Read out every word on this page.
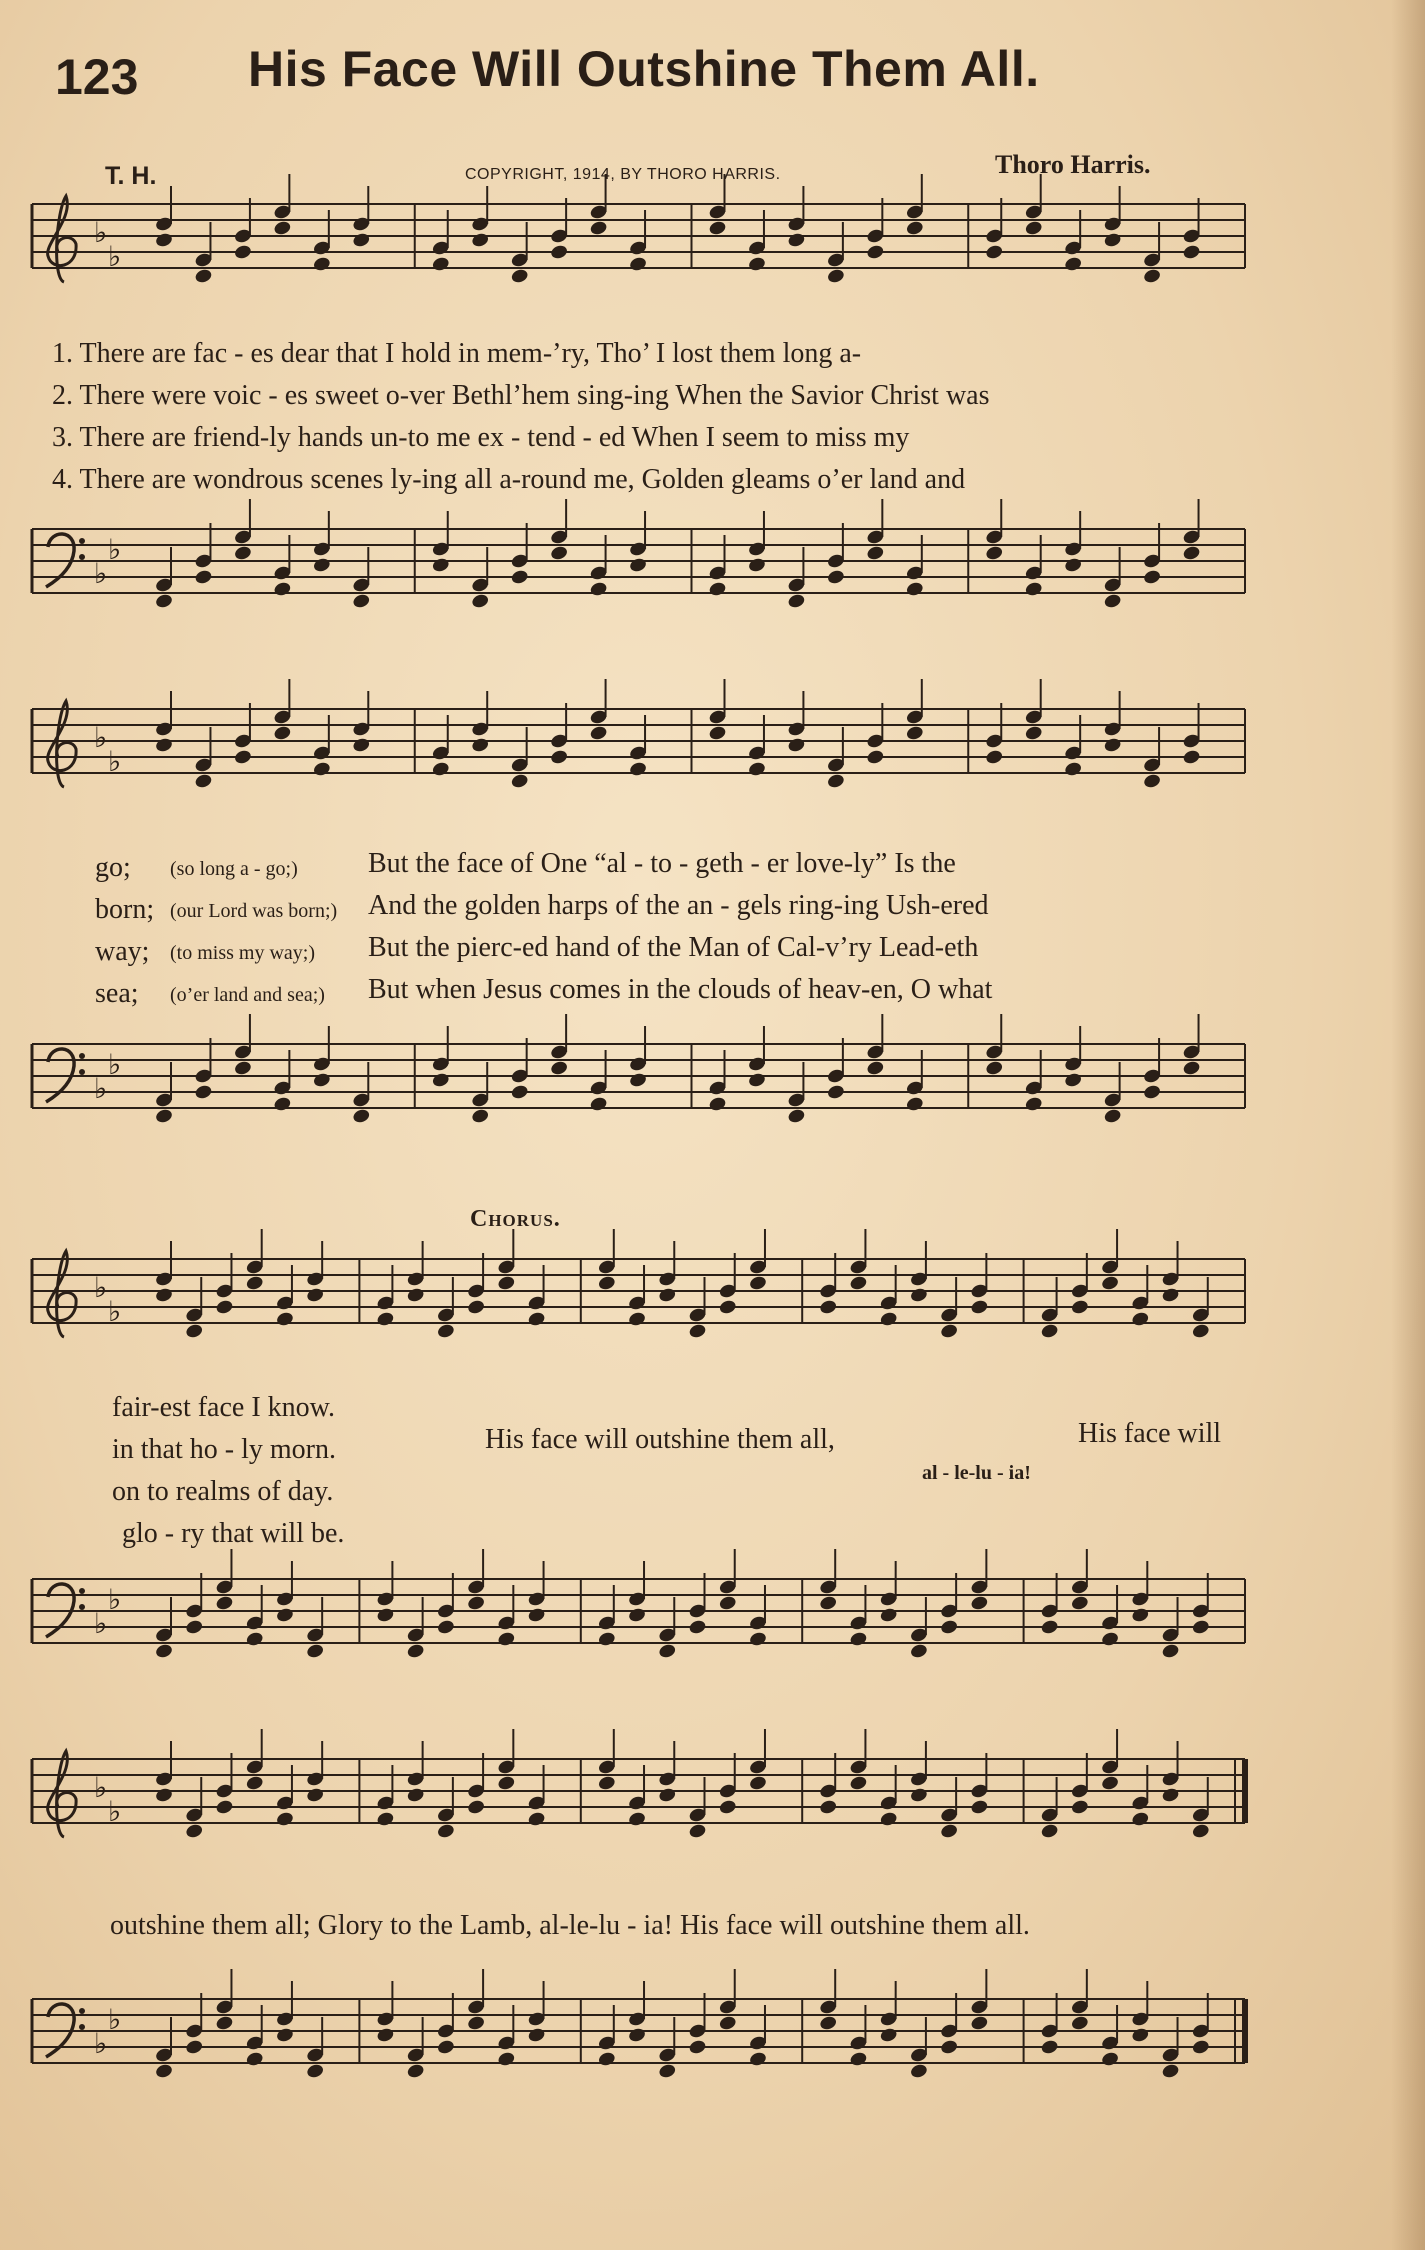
123 His Face Will Outshine Them All.
T. H.	COPYRIGHT, 1914, BY THORO HARRIS.	Thoro Harris.
♭
♭
1. There are fac - es dear that I hold in mem-’ry, Tho’ I lost them long a-
2. There were voic - es sweet o-ver Bethl’hem sing-ing When the Savior Christ was
3. There are friend-ly hands un-to me ex - tend - ed When I seem to miss my
4. There are wondrous scenes ly-ing all a-round me, Golden gleams o’er land and
♭
♭
♭
♭
go; (so long a - go;)	But the face of One “al - to - geth - er love-ly” Is the
born; (our Lord was born;) And the golden harps of the an - gels ring-ing Ush-ered
way; (to miss my way;) But the pierc-ed hand of the Man of Cal-v’ry Lead-eth
sea; (o’er land and sea;) But when Jesus comes in the clouds of heav-en, O what
♭
♭
Chorus.
♭
♭
fair-est face I know.
in that ho - ly morn.
on to realms of day.
glo - ry that will be.
His face will outshine them all,
al - le-lu - ia!
His face will
♭
♭
♭
♭
outshine them all; Glory to the Lamb, al-le-lu - ia! His face will outshine them all.
♭
♭
